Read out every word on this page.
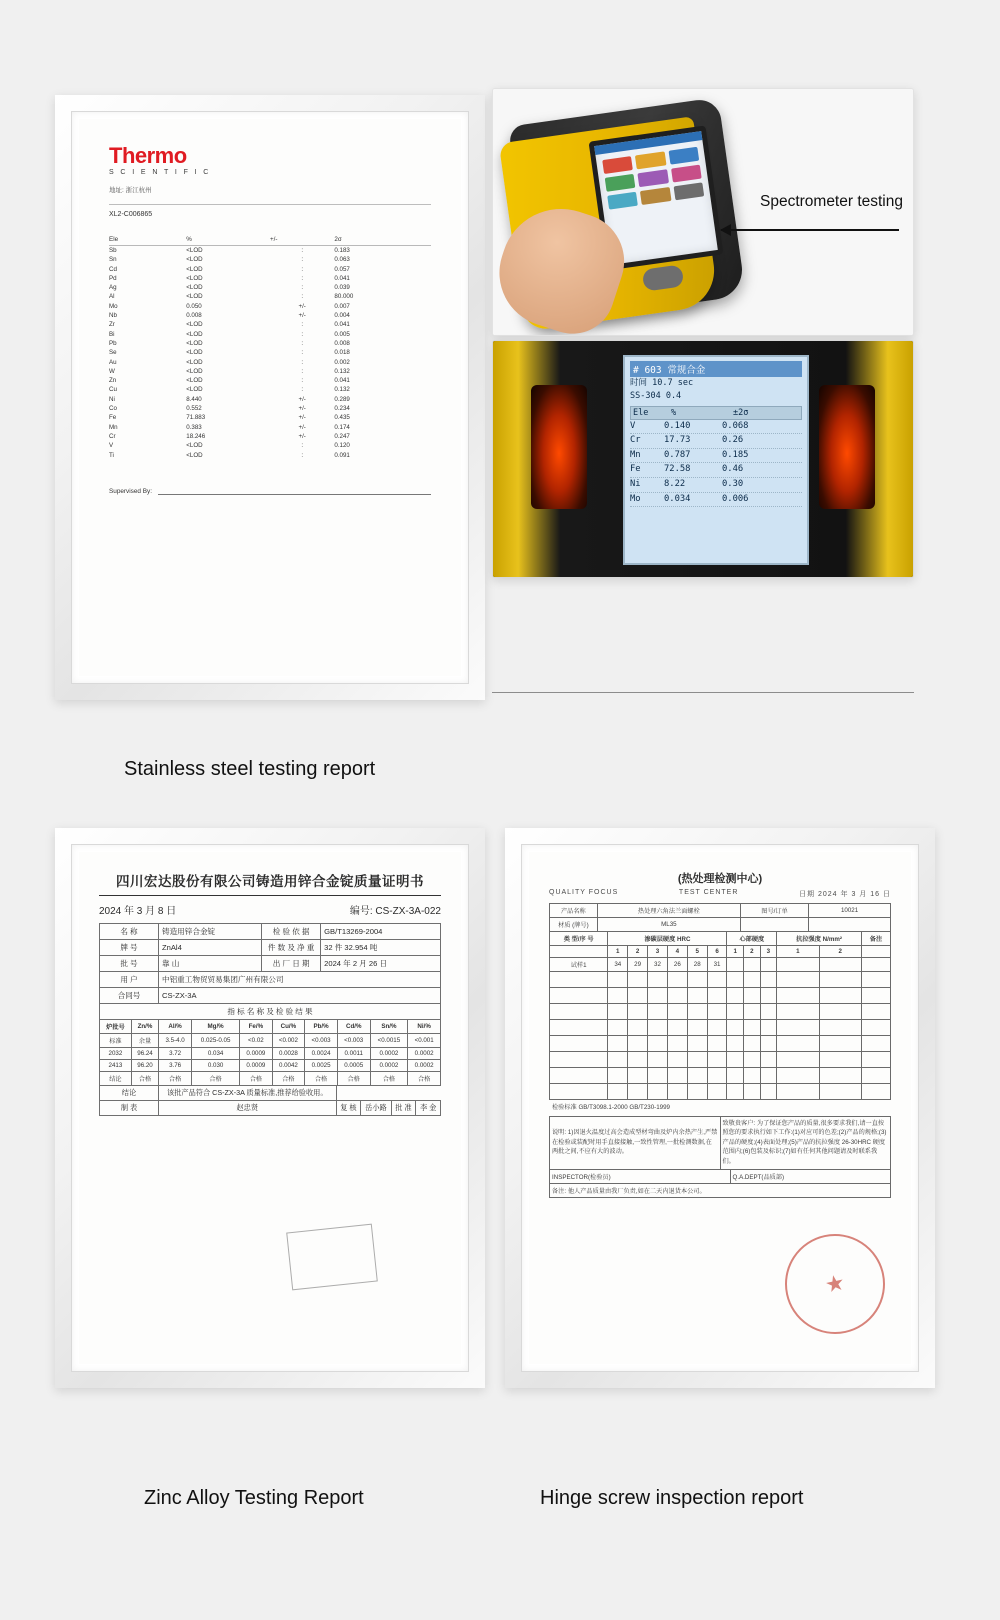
Thermo
S C I E N T I F I C
地址: 浙江杭州
XL2-C006865
Ele	%	+/-	2σ
Sb	<LOD	:	0.183
Sn	<LOD	:	0.063
Cd	<LOD	:	0.057
Pd	<LOD	:	0.041
Ag	<LOD	:	0.039
Al	<LOD	:	80.000
Mo	0.050	+/-	0.007
Nb	0.008	+/-	0.004
Zr	<LOD	:	0.041
Bi	<LOD	:	0.005
Pb	<LOD	:	0.008
Se	<LOD	:	0.018
Au	<LOD	:	0.002
W	<LOD	:	0.132
Zn	<LOD	:	0.041
Cu	<LOD	:	0.132
Ni	8.440	+/-	0.289
Co	0.552	+/-	0.234
Fe	71.883	+/-	0.435
Mn	0.383	+/-	0.174
Cr	18.246	+/-	0.247
V	<LOD	:	0.120
Ti	<LOD	:	0.091
Supervised By:
Spectrometer testing
# 603 常规合金
时间 10.7 sec
SS-304 0.4
Ele	%	±2σ
V	0.140	0.068
Cr	17.73	0.26
Mn	0.787	0.185
Fe	72.58	0.46
Ni	8.22	0.30
Mo	0.034	0.006
Stainless steel testing report
四川宏达股份有限公司铸造用锌合金锭质量证明书
2024 年 3 月 8 日	编号: CS-ZX-3A-022
名 称	铸造用锌合金锭	检 验 依 据	GB/T13269-2004
牌 号	ZnAl4	件 数 及 净 重	32 件 32.954 吨
批 号	靠 山	出 厂 日 期	2024 年 2 月 26 日
用 户	中铝重工物贸贸易集团广州有限公司		
合同号	CS-ZX-3A		
指 标 名 称 及 检 验 结 果
炉批号	Zn/%	Al/%	Mg/%	Fe/%	Cu/%	Pb/%	Cd/%	Sn/%	Ni/%
标准	余量	3.5-4.0	0.025-0.05	<0.02	<0.002	<0.003	<0.003	<0.0015	<0.001
2032	96.24	3.72	0.034	0.0009	0.0028	0.0024	0.0011	0.0002	0.0002
2413	96.20	3.76	0.030	0.0009	0.0042	0.0025	0.0005	0.0002	0.0002
结论	合格	合格	合格	合格	合格	合格	合格	合格	合格
结论	该批产品符合 CS-ZX-3A 质量标准,推荐给验收用。				
制 表	赵忠贤	复 核	岳小路	批 准	李 金
(热处理检测中心)
QUALITY FOCUS	TEST CENTER	日期 2024 年 3 月 16 日
产品名称	热处理六角法兰面螺栓	图号/订单	10021
材质 (牌号)	ML35		
类 型/序 号	渗碳层硬度 HRC						心部硬度			抗拉强度 N/mm²		备注
	1	2	3	4	5	6	1	2	3	1	2	
试样1	34	29	32	26	28	31						

检验标准 GB/T3098.1-2000 GB/T230-1999
说明: 1)因退火温度过高会造成型材弯曲及炉内余热产生,严禁在检验或装配时用手直接接触,一致性管理,一批检测数据,在两批之间,不应有大的波动。	致敬贵客户: 为了保证您产品的质量,很多要求我们,请一直按照您的要求执行如下工作:(1)对应可的色差;(2)产品的规格;(3)产品的硬度;(4)表面处理;(5)产品的抗拉强度 26-30HRC 硬度范围内;(6)包装及标识;(7)如有任何其他问题请及时联系我们。
INSPECTOR(检验员)	Q.A.DEPT(品质部)
备注: 他人产品质量由我厂负责,如在二天内退货本公司。
★
Zinc Alloy Testing Report	Hinge screw inspection report
